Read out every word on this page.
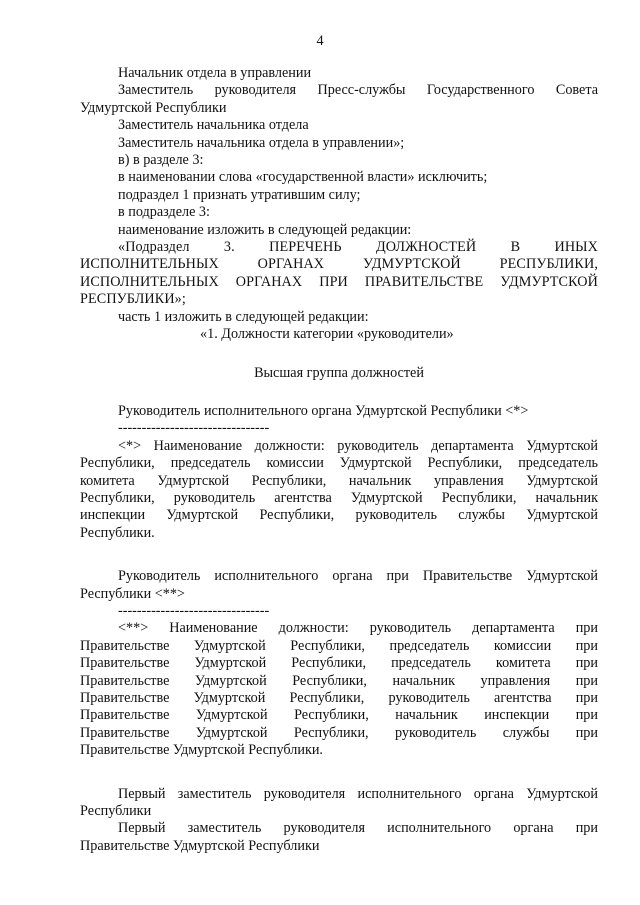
4
Начальник отдела в управлении
Заместитель руководителя Пресс-службы Государственного Совета
Удмуртской Республики
Заместитель начальника отдела
Заместитель начальника отдела в управлении»;
в) в разделе 3:
в наименовании слова «государственной власти» исключить;
подраздел 1 признать утратившим силу;
в подразделе 3:
наименование изложить в следующей редакции:
«Подраздел 3. ПЕРЕЧЕНЬ ДОЛЖНОСТЕЙ В ИНЫХ
ИСПОЛНИТЕЛЬНЫХ ОРГАНАХ УДМУРТСКОЙ РЕСПУБЛИКИ,
ИСПОЛНИТЕЛЬНЫХ ОРГАНАХ ПРИ ПРАВИТЕЛЬСТВЕ УДМУРТСКОЙ
РЕСПУБЛИКИ»;
часть 1 изложить в следующей редакции:
«1. Должности категории «руководители»
Высшая группа должностей
Руководитель исполнительного органа Удмуртской Республики <*>
--------------------------------
<*> Наименование должности: руководитель департамента Удмуртской
Республики, председатель комиссии Удмуртской Республики, председатель
комитета Удмуртской Республики, начальник управления Удмуртской
Республики, руководитель агентства Удмуртской Республики, начальник
инспекции Удмуртской Республики, руководитель службы Удмуртской
Республики.
Руководитель исполнительного органа при Правительстве Удмуртской
Республики <**>
--------------------------------
<**> Наименование должности: руководитель департамента при
Правительстве Удмуртской Республики, председатель комиссии при
Правительстве Удмуртской Республики, председатель комитета при
Правительстве Удмуртской Республики, начальник управления при
Правительстве Удмуртской Республики, руководитель агентства при
Правительстве Удмуртской Республики, начальник инспекции при
Правительстве Удмуртской Республики, руководитель службы при
Правительстве Удмуртской Республики.
Первый заместитель руководителя исполнительного органа Удмуртской
Республики
Первый заместитель руководителя исполнительного органа при
Правительстве Удмуртской Республики
